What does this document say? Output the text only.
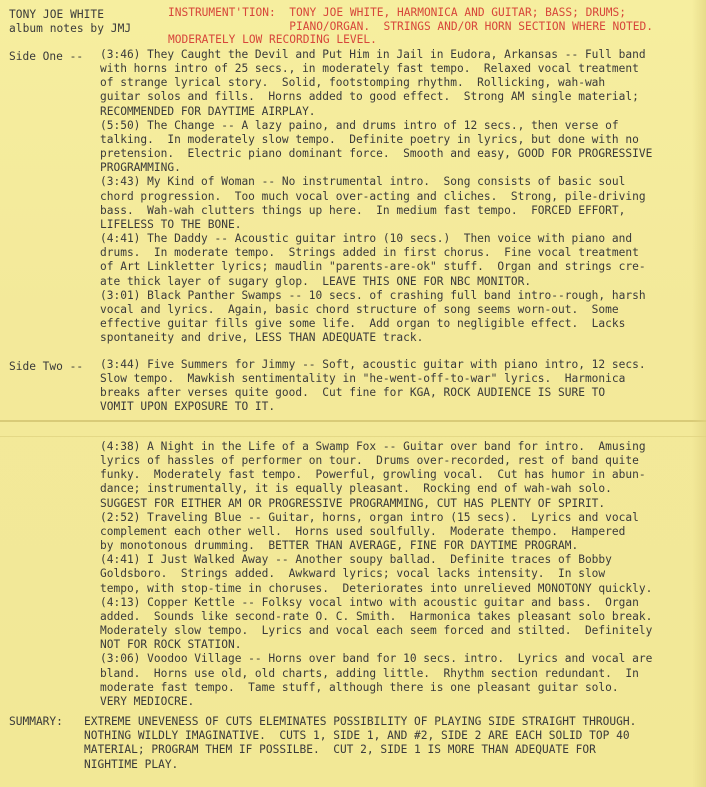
TONY JOE WHITE
album notes by JMJ
INSTRUMENT'TION:  TONY JOE WHITE, HARMONICA AND GUITAR; BASS; DRUMS;
PIANO/ORGAN.  STRINGS AND/OR HORN SECTION WHERE NOTED.
MODERATELY LOW RECORDING LEVEL.
Side One -- (3:46) They Caught the Devil and Put Him in Jail in Eudora, Arkansas -- Full band
with horns intro of 25 secs., in moderately fast tempo.  Relaxed vocal treatment
of strange lyrical story.  Solid, footstomping rhythm.  Rollicking, wah-wah
guitar solos and fills.  Horns added to good effect.  Strong AM single material;
RECOMMENDED FOR DAYTIME AIRPLAY.

(5:50) The Change -- A lazy paino, and drums intro of 12 secs., then verse of
talking.  In moderately slow tempo.  Definite poetry in lyrics, but done with no
pretension.  Electric piano dominant force.  Smooth and easy, GOOD FOR PROGRESSIVE
PROGRAMMING.

(3:43) My Kind of Woman -- No instrumental intro.  Song consists of basic soul
chord progression.  Too much vocal over-acting and cliches.  Strong, pile-driving
bass.  Wah-wah clutters things up here.  In medium fast tempo.  FORCED EFFORT,
LIFELESS TO THE BONE.

(4:41) The Daddy -- Acoustic guitar intro (10 secs.)  Then voice with piano and
drums.  In moderate tempo.  Strings added in first chorus.  Fine vocal treatment
of Art Linkletter lyrics; maudlin "parents-are-ok" stuff.  Organ and strings cre-
ate thick layer of sugary glop.  LEAVE THIS ONE FOR NBC MONITOR.

(3:01) Black Panther Swamps -- 10 secs. of crashing full band intro--rough, harsh
vocal and lyrics.  Again, basic chord structure of song seems worn-out.  Some
effective guitar fills give some life.  Add organ to negligible effect.  Lacks
spontaneity and drive, LESS THAN ADEQUATE track.

Side Two -- (3:44) Five Summers for Jimmy -- Soft, acoustic guitar with piano intro, 12 secs.
Slow tempo.  Mawkish sentimentality in "he-went-off-to-war" lyrics.  Harmonica
breaks after verses quite good.  Cut fine for KGA, ROCK AUDIENCE IS SURE TO
VOMIT UPON EXPOSURE TO IT.

(4:38) A Night in the Life of a Swamp Fox -- Guitar over band for intro.  Amusing
lyrics of hassles of performer on tour.  Drums over-recorded, rest of band quite
funky.  Moderately fast tempo.  Powerful, growling vocal.  Cut has humor in abun-
dance; instrumentally, it is equally pleasant.  Rocking end of wah-wah solo.
SUGGEST FOR EITHER AM OR PROGRESSIVE PROGRAMMING, CUT HAS PLENTY OF SPIRIT.

(2:52) Traveling Blue -- Guitar, horns, organ intro (15 secs).  Lyrics and vocal
complement each other well.  Horns used soulfully.  Moderate thempo.  Hampered
by monotonous drumming.  BETTER THAN AVERAGE, FINE FOR DAYTIME PROGRAM.

(4:41) I Just Walked Away -- Another soupy ballad.  Definite traces of Bobby
Goldsboro.  Strings added.  Awkward lyrics; vocal lacks intensity.  In slow
tempo, with stop-time in choruses.  Deteriorates into unrelieved MONOTONY quickly.

(4:13) Copper Kettle -- Folksy vocal intwo with acoustic guitar and bass.  Organ
added.  Sounds like second-rate O. C. Smith.  Harmonica takes pleasant solo break.
Moderately slow tempo.  Lyrics and vocal each seem forced and stilted.  Definitely
NOT FOR ROCK STATION.

(3:06) Voodoo Village -- Horns over band for 10 secs. intro.  Lyrics and vocal are
bland.  Horns use old, old charts, adding little.  Rhythm section redundant.  In
moderate fast tempo.  Tame stuff, although there is one pleasant guitar solo.
VERY MEDIOCRE.

SUMMARY: EXTREME UNEVENESS OF CUTS ELEMINATES POSSIBILITY OF PLAYING SIDE STRAIGHT THROUGH.
NOTHING WILDLY IMAGINATIVE.  CUTS 1, SIDE 1, AND #2, SIDE 2 ARE EACH SOLID TOP 40
MATERIAL; PROGRAM THEM IF POSSILBE.  CUT 2, SIDE 1 IS MORE THAN ADEQUATE FOR
NIGHTIME PLAY.
